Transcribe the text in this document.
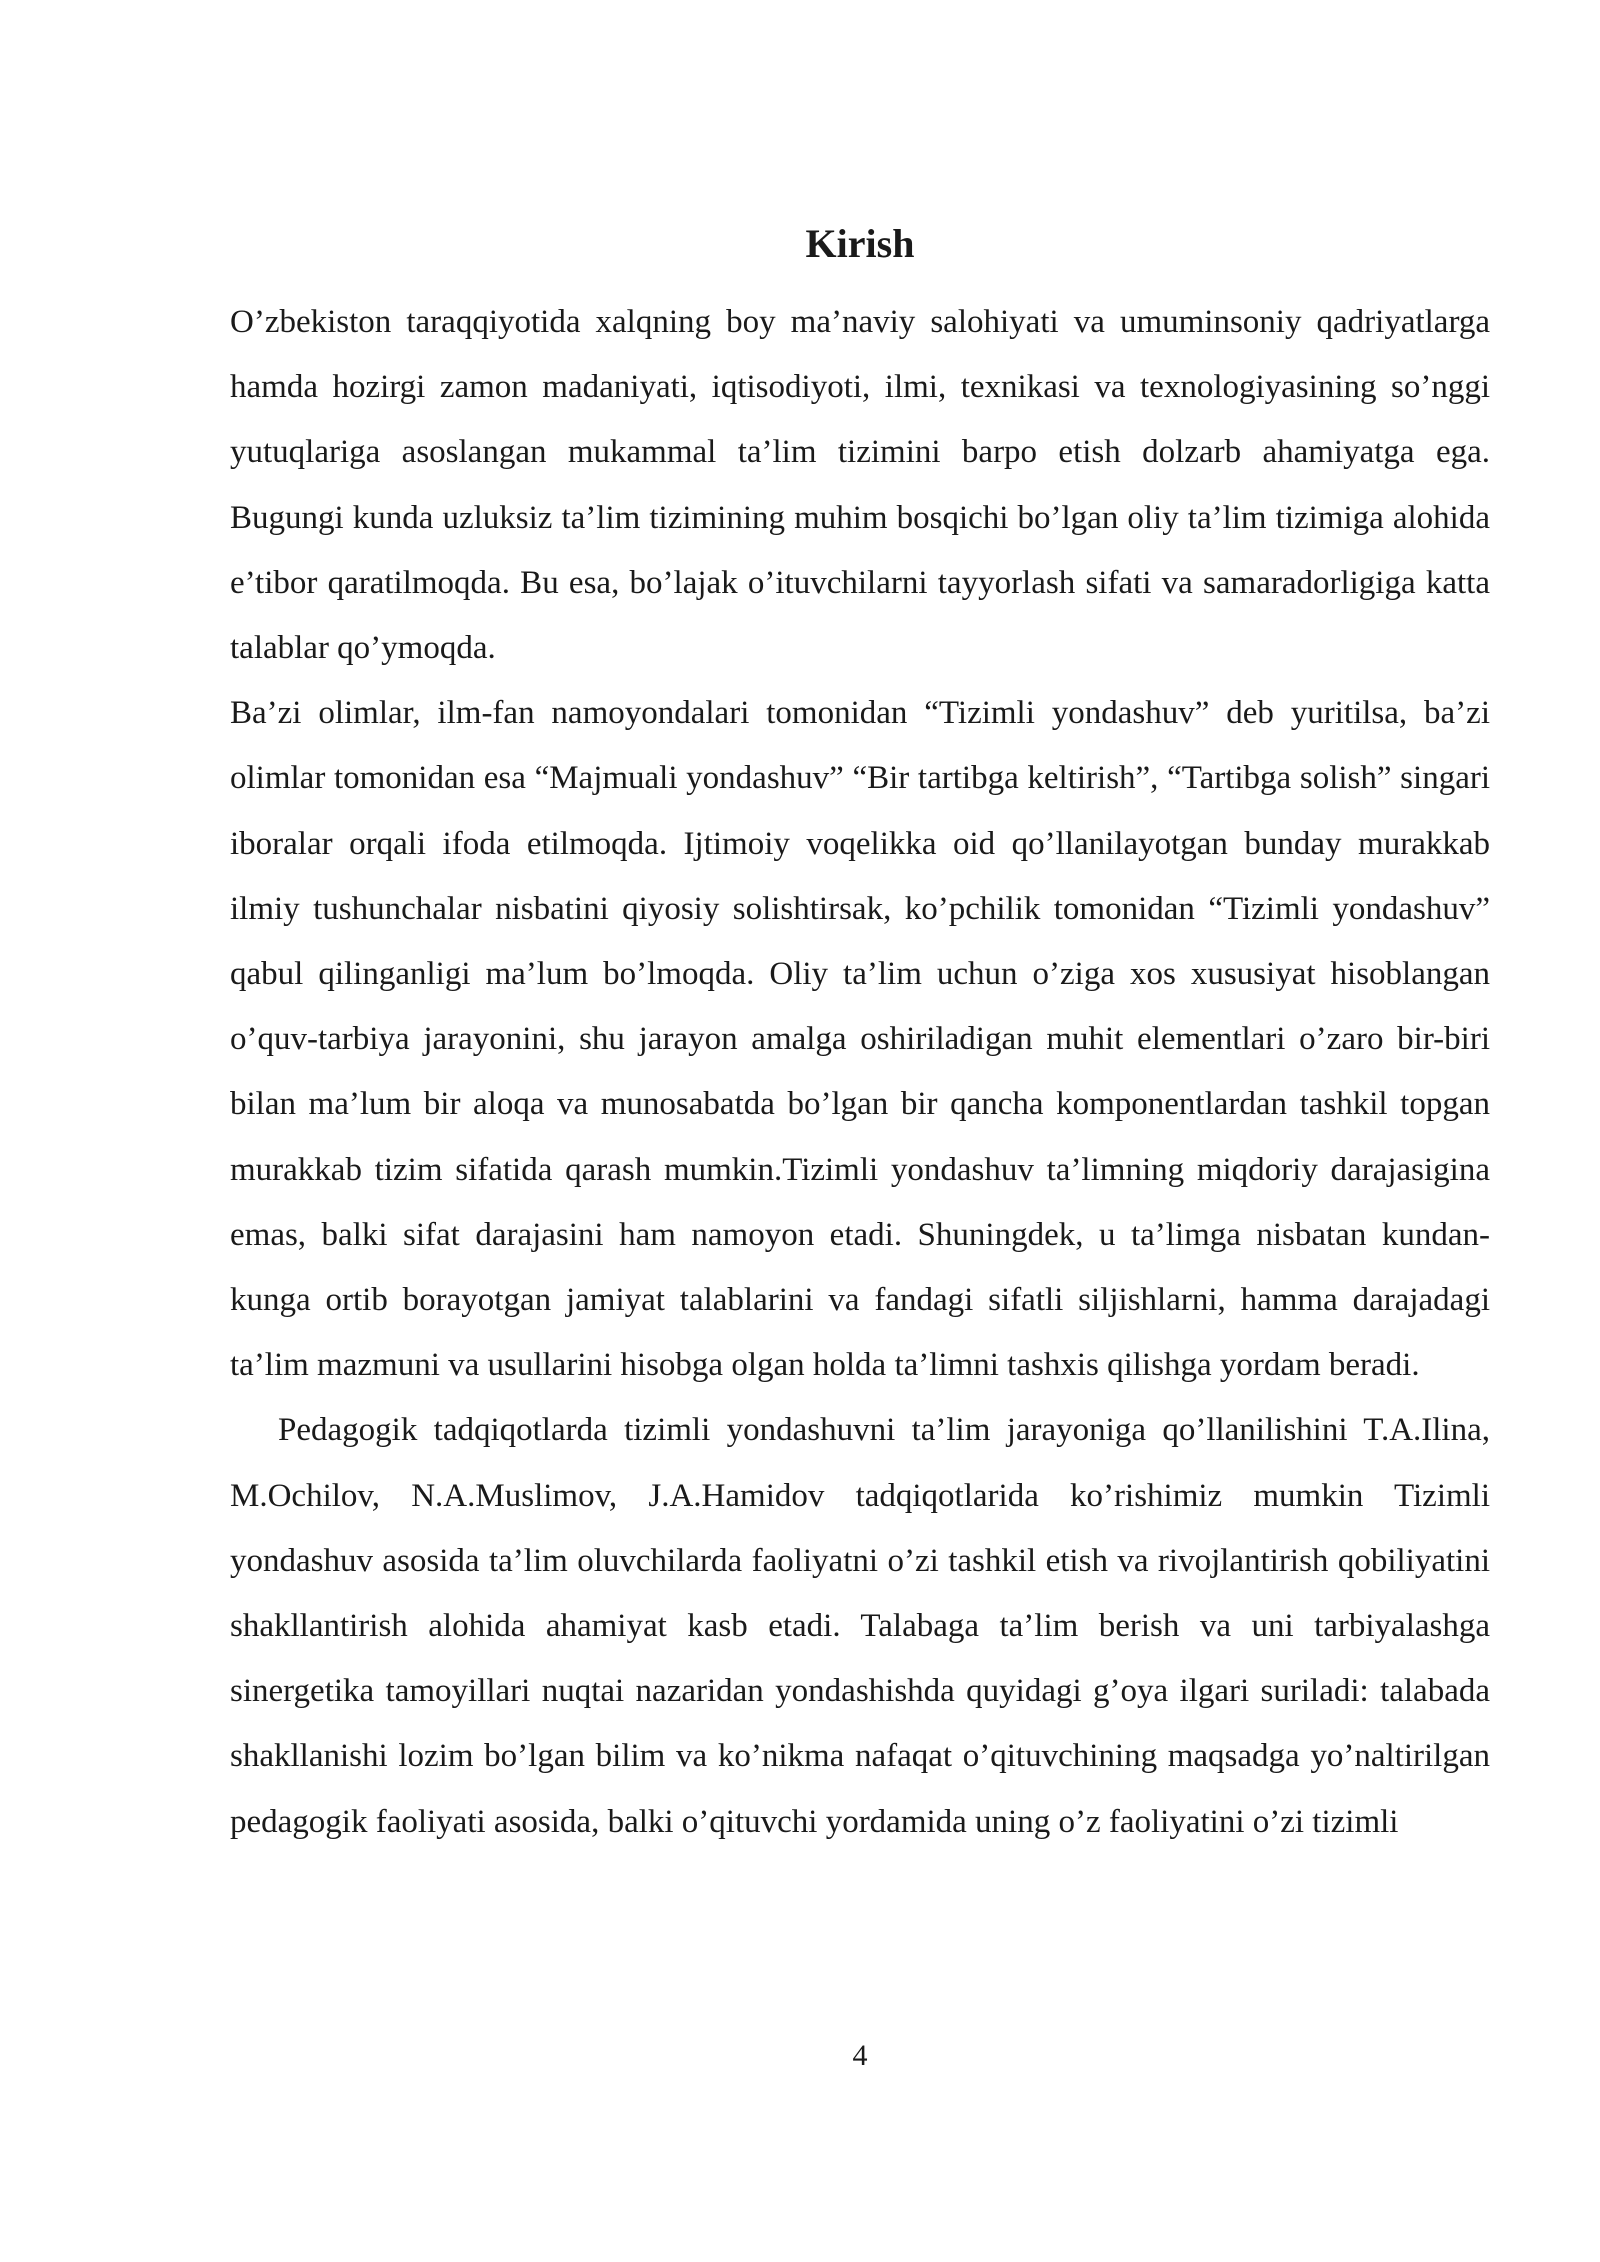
Kirish

O’zbekiston taraqqiyotida xalqning boy ma’naviy salohiyati va umuminsoniy qadriyatlarga hamda hozirgi zamon madaniyati, iqtisodiyoti, ilmi, texnikasi va texnologiyasining so’nggi yutuqlariga asoslangan mukammal ta’lim tizimini barpo etish dolzarb ahamiyatga ega. Bugungi kunda uzluksiz ta’lim tizimining muhim bosqichi bo’lgan oliy ta’lim tizimiga alohida e’tibor qaratilmoqda. Bu esa, bo’lajak o’ituvchilarni tayyorlash sifati va samaradorligiga katta talablar qo’ymoqda.

Ba’zi olimlar, ilm-fan namoyondalari tomonidan “Tizimli yondashuv” deb yuritilsa, ba’zi olimlar tomonidan esa “Majmuali yondashuv” “Bir tartibga keltirish”, “Tartibga solish” singari iboralar orqali ifoda etilmoqda. Ijtimoiy voqelikka oid qo’llanilayotgan bunday murakkab ilmiy tushunchalar nisbatini qiyosiy solishtirsak, ko’pchilik tomonidan “Tizimli yondashuv” qabul qilinganligi ma’lum bo’lmoqda. Oliy ta’lim uchun o’ziga xos xususiyat hisoblangan o’quv-tarbiya jarayonini, shu jarayon amalga oshiriladigan muhit elementlari o’zaro bir-biri bilan ma’lum bir aloqa va munosabatda bo’lgan bir qancha komponentlardan tashkil topgan murakkab tizim sifatida qarash mumkin.Tizimli yondashuv ta’limning miqdoriy darajasigina emas, balki sifat darajasini ham namoyon etadi. Shuningdek, u ta’limga nisbatan kundan-kunga ortib borayotgan jamiyat talablarini va fandagi sifatli siljishlarni, hamma darajadagi ta’lim mazmuni va usullarini hisobga olgan holda ta’limni tashxis qilishga yordam beradi.

Pedagogik tadqiqotlarda tizimli yondashuvni ta’lim jarayoniga qo’llanilishini T.A.Ilina, M.Ochilov, N.A.Muslimov, J.A.Hamidov tadqiqotlarida ko’rishimiz mumkin Tizimli yondashuv asosida ta’lim oluvchilarda faoliyatni o’zi tashkil etish va rivojlantirish qobiliyatini shakllantirish alohida ahamiyat kasb etadi. Talabaga ta’lim berish va uni tarbiyalashga sinergetika tamoyillari nuqtai nazaridan yondashishda quyidagi g’oya ilgari suriladi: talabada shakllanishi lozim bo’lgan bilim va ko’nikma nafaqat o’qituvchining maqsadga yo’naltirilgan pedagogik faoliyati asosida, balki o’qituvchi yordamida uning o’z faoliyatini o’zi tizimli

4
